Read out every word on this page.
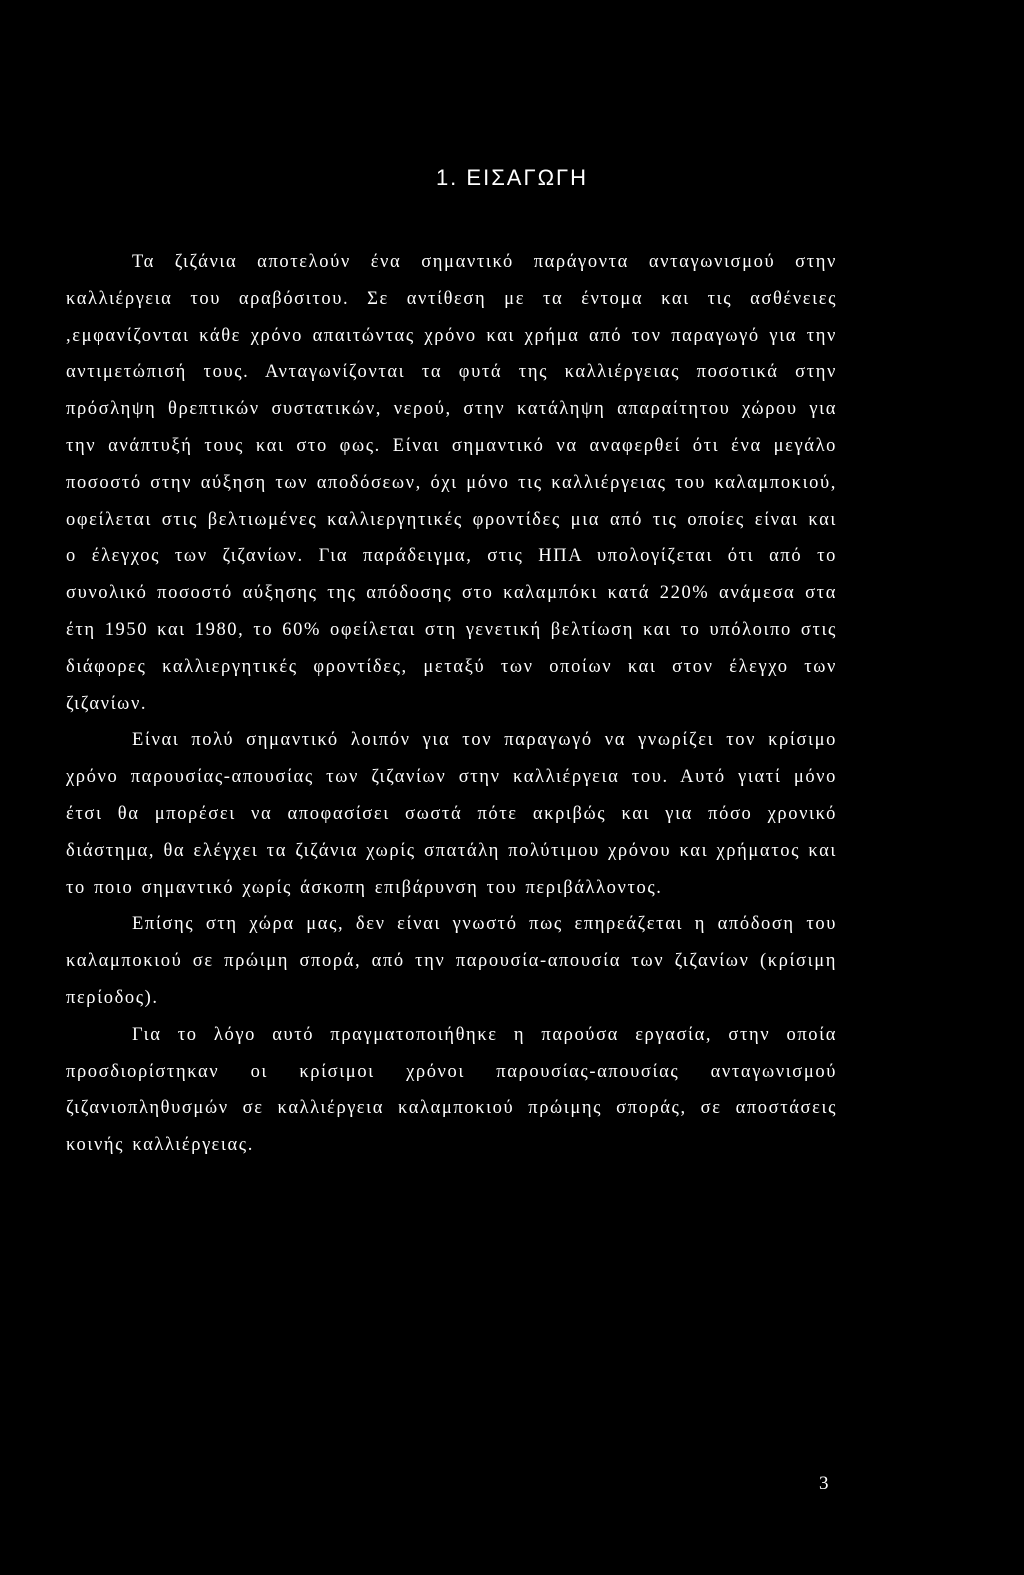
1. ΕΙΣΑΓΩΓΗ

Τα ζιζάνια αποτελούν ένα σημαντικό παράγοντα ανταγωνισμού στην καλλιέργεια του αραβόσιτου. Σε αντίθεση με τα έντομα και τις ασθένειες ,εμφανίζονται κάθε χρόνο απαιτώντας χρόνο και χρήμα από τον παραγωγό για την αντιμετώπισή τους. Ανταγωνίζονται τα φυτά της καλλιέργειας ποσοτικά στην πρόσληψη θρεπτικών συστατικών, νερού, στην κατάληψη απαραίτητου χώρου για την ανάπτυξή τους και στο φως. Είναι σημαντικό να αναφερθεί ότι ένα μεγάλο ποσοστό στην αύξηση των αποδόσεων, όχι μόνο τις καλλιέργειας του καλαμποκιού, οφείλεται στις βελτιωμένες καλλιεργητικές φροντίδες μια από τις οποίες είναι και ο έλεγχος των ζιζανίων. Για παράδειγμα, στις ΗΠΑ υπολογίζεται ότι από το συνολικό ποσοστό αύξησης της απόδοσης στο καλαμπόκι κατά 220% ανάμεσα στα έτη 1950 και 1980, το 60% οφείλεται στη γενετική βελτίωση και το υπόλοιπο στις διάφορες καλλιεργητικές φροντίδες, μεταξύ των οποίων και στον έλεγχο των ζιζανίων.

Είναι πολύ σημαντικό λοιπόν για τον παραγωγό να γνωρίζει τον κρίσιμο χρόνο παρουσίας-απουσίας των ζιζανίων στην καλλιέργεια του. Αυτό γιατί μόνο έτσι θα μπορέσει να αποφασίσει σωστά πότε ακριβώς και για πόσο χρονικό διάστημα, θα ελέγχει τα ζιζάνια χωρίς σπατάλη πολύτιμου χρόνου και χρήματος και το ποιο σημαντικό χωρίς άσκοπη επιβάρυνση του περιβάλλοντος.

Επίσης στη χώρα μας, δεν είναι γνωστό πως επηρεάζεται η απόδοση του καλαμποκιού σε πρώιμη σπορά, από την παρουσία-απουσία των ζιζανίων (κρίσιμη περίοδος).

Για το λόγο αυτό πραγματοποιήθηκε η παρούσα εργασία, στην οποία προσδιορίστηκαν οι κρίσιμοι χρόνοι παρουσίας-απουσίας ανταγωνισμού ζιζανιοπληθυσμών σε καλλιέργεια καλαμποκιού πρώιμης σποράς, σε αποστάσεις κοινής καλλιέργειας.

3
